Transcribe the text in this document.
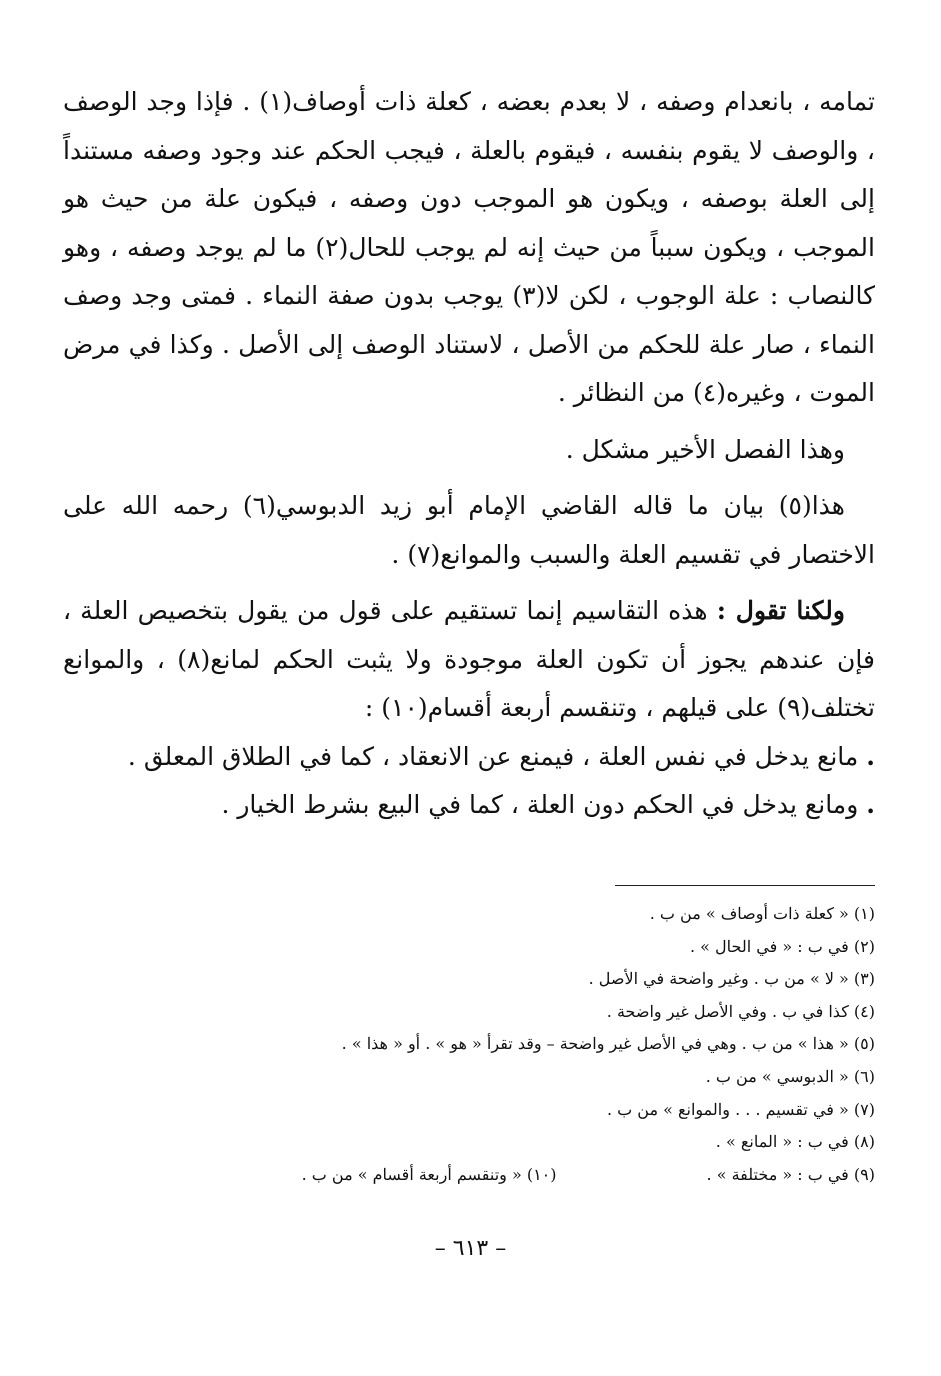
تمامه ، بانعدام وصفه ، لا بعدم بعضه ، كعلة ذات أوصاف(١) . فإذا وجد الوصف ، والوصف لا يقوم بنفسه ، فيقوم بالعلة ، فيجب الحكم عند وجود وصفه مستنداً إلى العلة بوصفه ، ويكون هو الموجب دون وصفه ، فيكون علة من حيث هو الموجب ، ويكون سبباً من حيث إنه لم يوجب للحال(٢) ما لم يوجد وصفه ، وهو كالنصاب : علة الوجوب ، لكن لا(٣) يوجب بدون صفة النماء . فمتى وجد وصف النماء ، صار علة للحكم من الأصل ، لاستناد الوصف إلى الأصل . وكذا في مرض الموت ، وغيره(٤) من النظائر .

وهذا الفصل الأخير مشكل .

هذا(٥) بيان ما قاله القاضي الإمام أبو زيد الدبوسي(٦) رحمه الله على الاختصار في تقسيم العلة والسبب والموانع(٧) .

ولكنا تقول : هذه التقاسيم إنما تستقيم على قول من يقول بتخصيص العلة ، فإن عندهم يجوز أن تكون العلة موجودة ولا يثبت الحكم لمانع(٨) ، والموانع تختلف(٩) على قيلهم ، وتنقسم أربعة أقسام(١٠) :

.مانع يدخل في نفس العلة ، فيمنع عن الانعقاد ، كما في الطلاق المعلق .

.ومانع يدخل في الحكم دون العلة ، كما في البيع بشرط الخيار .

(١) « كعلة ذات أوصاف » من ب .

(٢) في ب : « في الحال » .

(٣) « لا » من ب . وغير واضحة في الأصل .

(٤) كذا في ب . وفي الأصل غير واضحة .

(٥) « هذا » من ب . وهي في الأصل غير واضحة – وقد تقرأ « هو » . أو « هذا » .

(٦) « الدبوسي » من ب .

(٧) « في تقسيم . . . والموانع » من ب .

(٨) في ب : « المانع » .

(٩) في ب : « مختلفة » .
(١٠) « وتنقسم أربعة أقسام » من ب .
– ٦١٣ –
